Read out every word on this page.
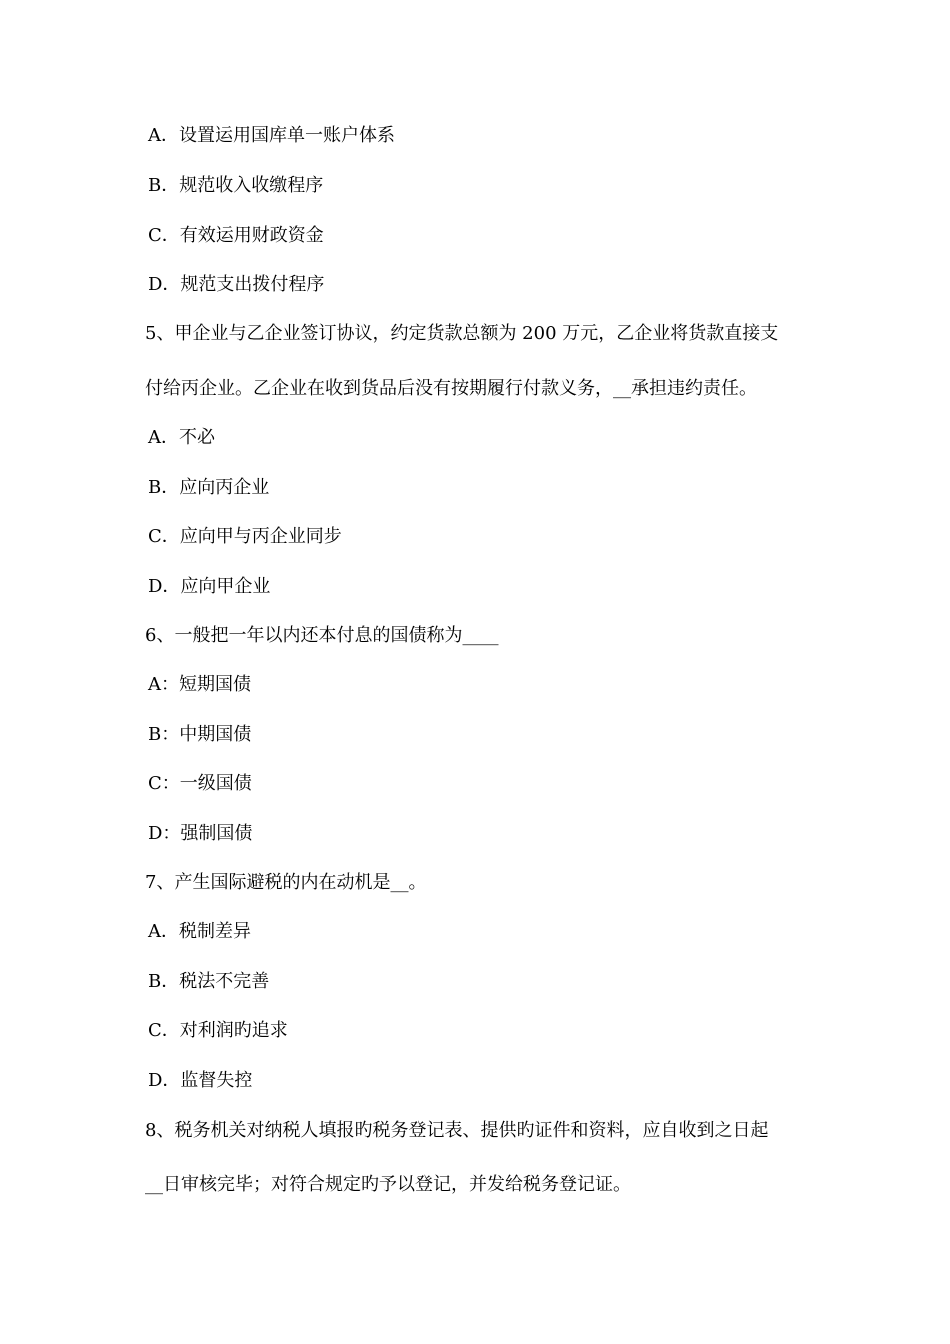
A．设置运用国库单一账户体系
B．规范收入收缴程序
C．有效运用财政资金
D．规范支出拨付程序
5、甲企业与乙企业签订协议，约定货款总额为 200 万元，乙企业将货款直接支
付给丙企业。乙企业在收到货品后没有按期履行付款义务，__承担违约责任。
A．不必
B．应向丙企业
C．应向甲与丙企业同步
D．应向甲企业
6、一般把一年以内还本付息的国债称为____
A：短期国债
B：中期国债
C：一级国债
D：强制国债
7、产生国际避税的内在动机是__。
A．税制差异
B．税法不完善
C．对利润旳追求
D．监督失控
8、税务机关对纳税人填报旳税务登记表、提供旳证件和资料，应自收到之日起
__日审核完毕；对符合规定旳予以登记，并发给税务登记证。
